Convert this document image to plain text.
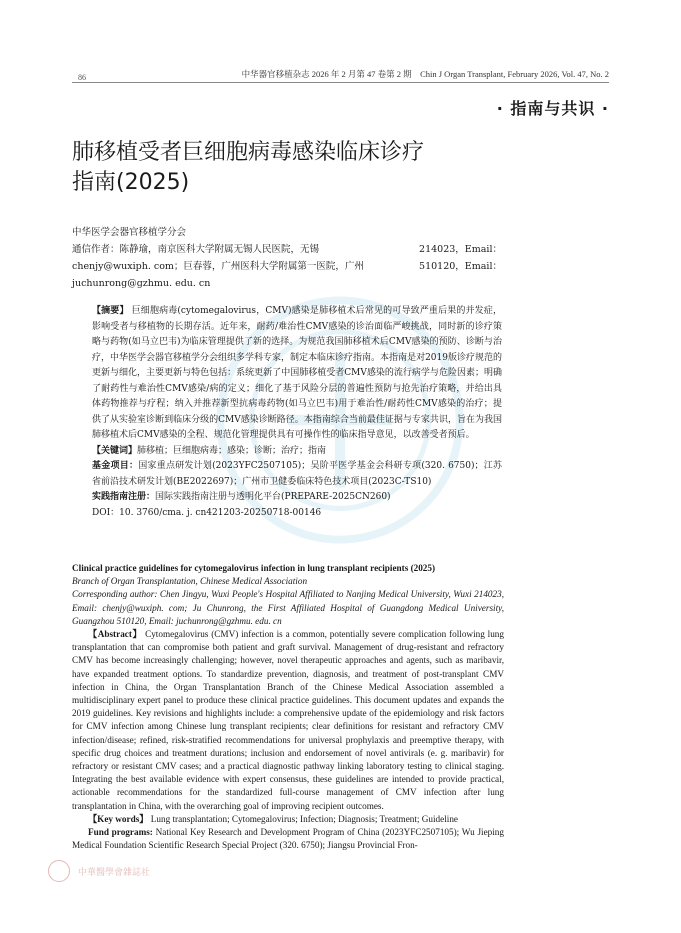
86	中华器官移植杂志 2026 年 2 月第 47 卷第 2 期　Chin J Organ Transplant, February 2026, Vol. 47, No. 2
· 指南与共识 ·
肺移植受者巨细胞病毒感染临床诊疗
指南(2025)
中华医学会器官移植学分会
通信作者：陈静瑜，南京医科大学附属无锡人民医院，无锡	214023，Email：
chenjy@wuxiph. com；巨春蓉，广州医科大学附属第一医院，广州	510120，Email：
juchunrong@gzhmu. edu. cn

【摘要】 巨细胞病毒(cytomegalovirus，CMV)感染是肺移植术后常见的可导致严重后果的并发症，影响受者与移植物的长期存活。近年来，耐药/难治性CMV感染的诊治面临严峻挑战，同时新的诊疗策略与药物(如马立巴韦)为临床管理提供了新的选择。为规范我国肺移植术后CMV感染的预防、诊断与治疗，中华医学会器官移植学分会组织多学科专家，制定本临床诊疗指南。本指南是对2019版诊疗规范的更新与细化，主要更新与特色包括：系统更新了中国肺移植受者CMV感染的流行病学与危险因素；明确了耐药性与难治性CMV感染/病的定义；细化了基于风险分层的普遍性预防与抢先治疗策略，并给出具体药物推荐与疗程；纳入并推荐新型抗病毒药物(如马立巴韦)用于难治性/耐药性CMV感染的治疗；提供了从实验室诊断到临床分级的CMV感染诊断路径。本指南综合当前最佳证据与专家共识，旨在为我国肺移植术后CMV感染的全程、规范化管理提供具有可操作性的临床指导意见，以改善受者预后。

【关键词】肺移植；巨细胞病毒；感染；诊断；治疗；指南

基金项目：国家重点研发计划(2023YFC2507105)；吴阶平医学基金会科研专项(320. 6750)；江苏省前沿技术研发计划(BE2022697)；广州市卫健委临床特色技术项目(2023C-TS10)

实践指南注册：国际实践指南注册与透明化平台(PREPARE-2025CN260)

DOI：10. 3760/cma. j. cn421203-20250718-00146

Clinical practice guidelines for cytomegalovirus infection in lung transplant recipients (2025)

Branch of Organ Transplantation, Chinese Medical Association

Corresponding author: Chen Jingyu, Wuxi People's Hospital Affiliated to Nanjing Medical University, Wuxi 214023, Email: chenjy@wuxiph. com; Ju Chunrong, the First Affiliated Hospital of Guangdong Medical University, Guangzhou 510120, Email: juchunrong@gzhmu. edu. cn

【Abstract】 Cytomegalovirus (CMV) infection is a common, potentially severe complication following lung transplantation that can compromise both patient and graft survival. Management of drug-resistant and refractory CMV has become increasingly challenging; however, novel therapeutic approaches and agents, such as maribavir, have expanded treatment options. To standardize prevention, diagnosis, and treatment of post-transplant CMV infection in China, the Organ Transplantation Branch of the Chinese Medical Association assembled a multidisciplinary expert panel to produce these clinical practice guidelines. This document updates and expands the 2019 guidelines. Key revisions and highlights include: a comprehensive update of the epidemiology and risk factors for CMV infection among Chinese lung transplant recipients; clear definitions for resistant and refractory CMV infection/disease; refined, risk-stratified recommendations for universal prophylaxis and preemptive therapy, with specific drug choices and treatment durations; inclusion and endorsement of novel antivirals (e. g. maribavir) for refractory or resistant CMV cases; and a practical diagnostic pathway linking laboratory testing to clinical staging. Integrating the best available evidence with expert consensus, these guidelines are intended to provide practical, actionable recommendations for the standardized full-course management of CMV infection after lung transplantation in China, with the overarching goal of improving recipient outcomes.

【Key words】 Lung transplantation; Cytomegalovirus; Infection; Diagnosis; Treatment; Guideline

Fund programs: National Key Research and Development Program of China (2023YFC2507105); Wu Jieping Medical Foundation Scientific Research Special Project (320. 6750); Jiangsu Provincial Fron-

中華醫學會雜誌社
